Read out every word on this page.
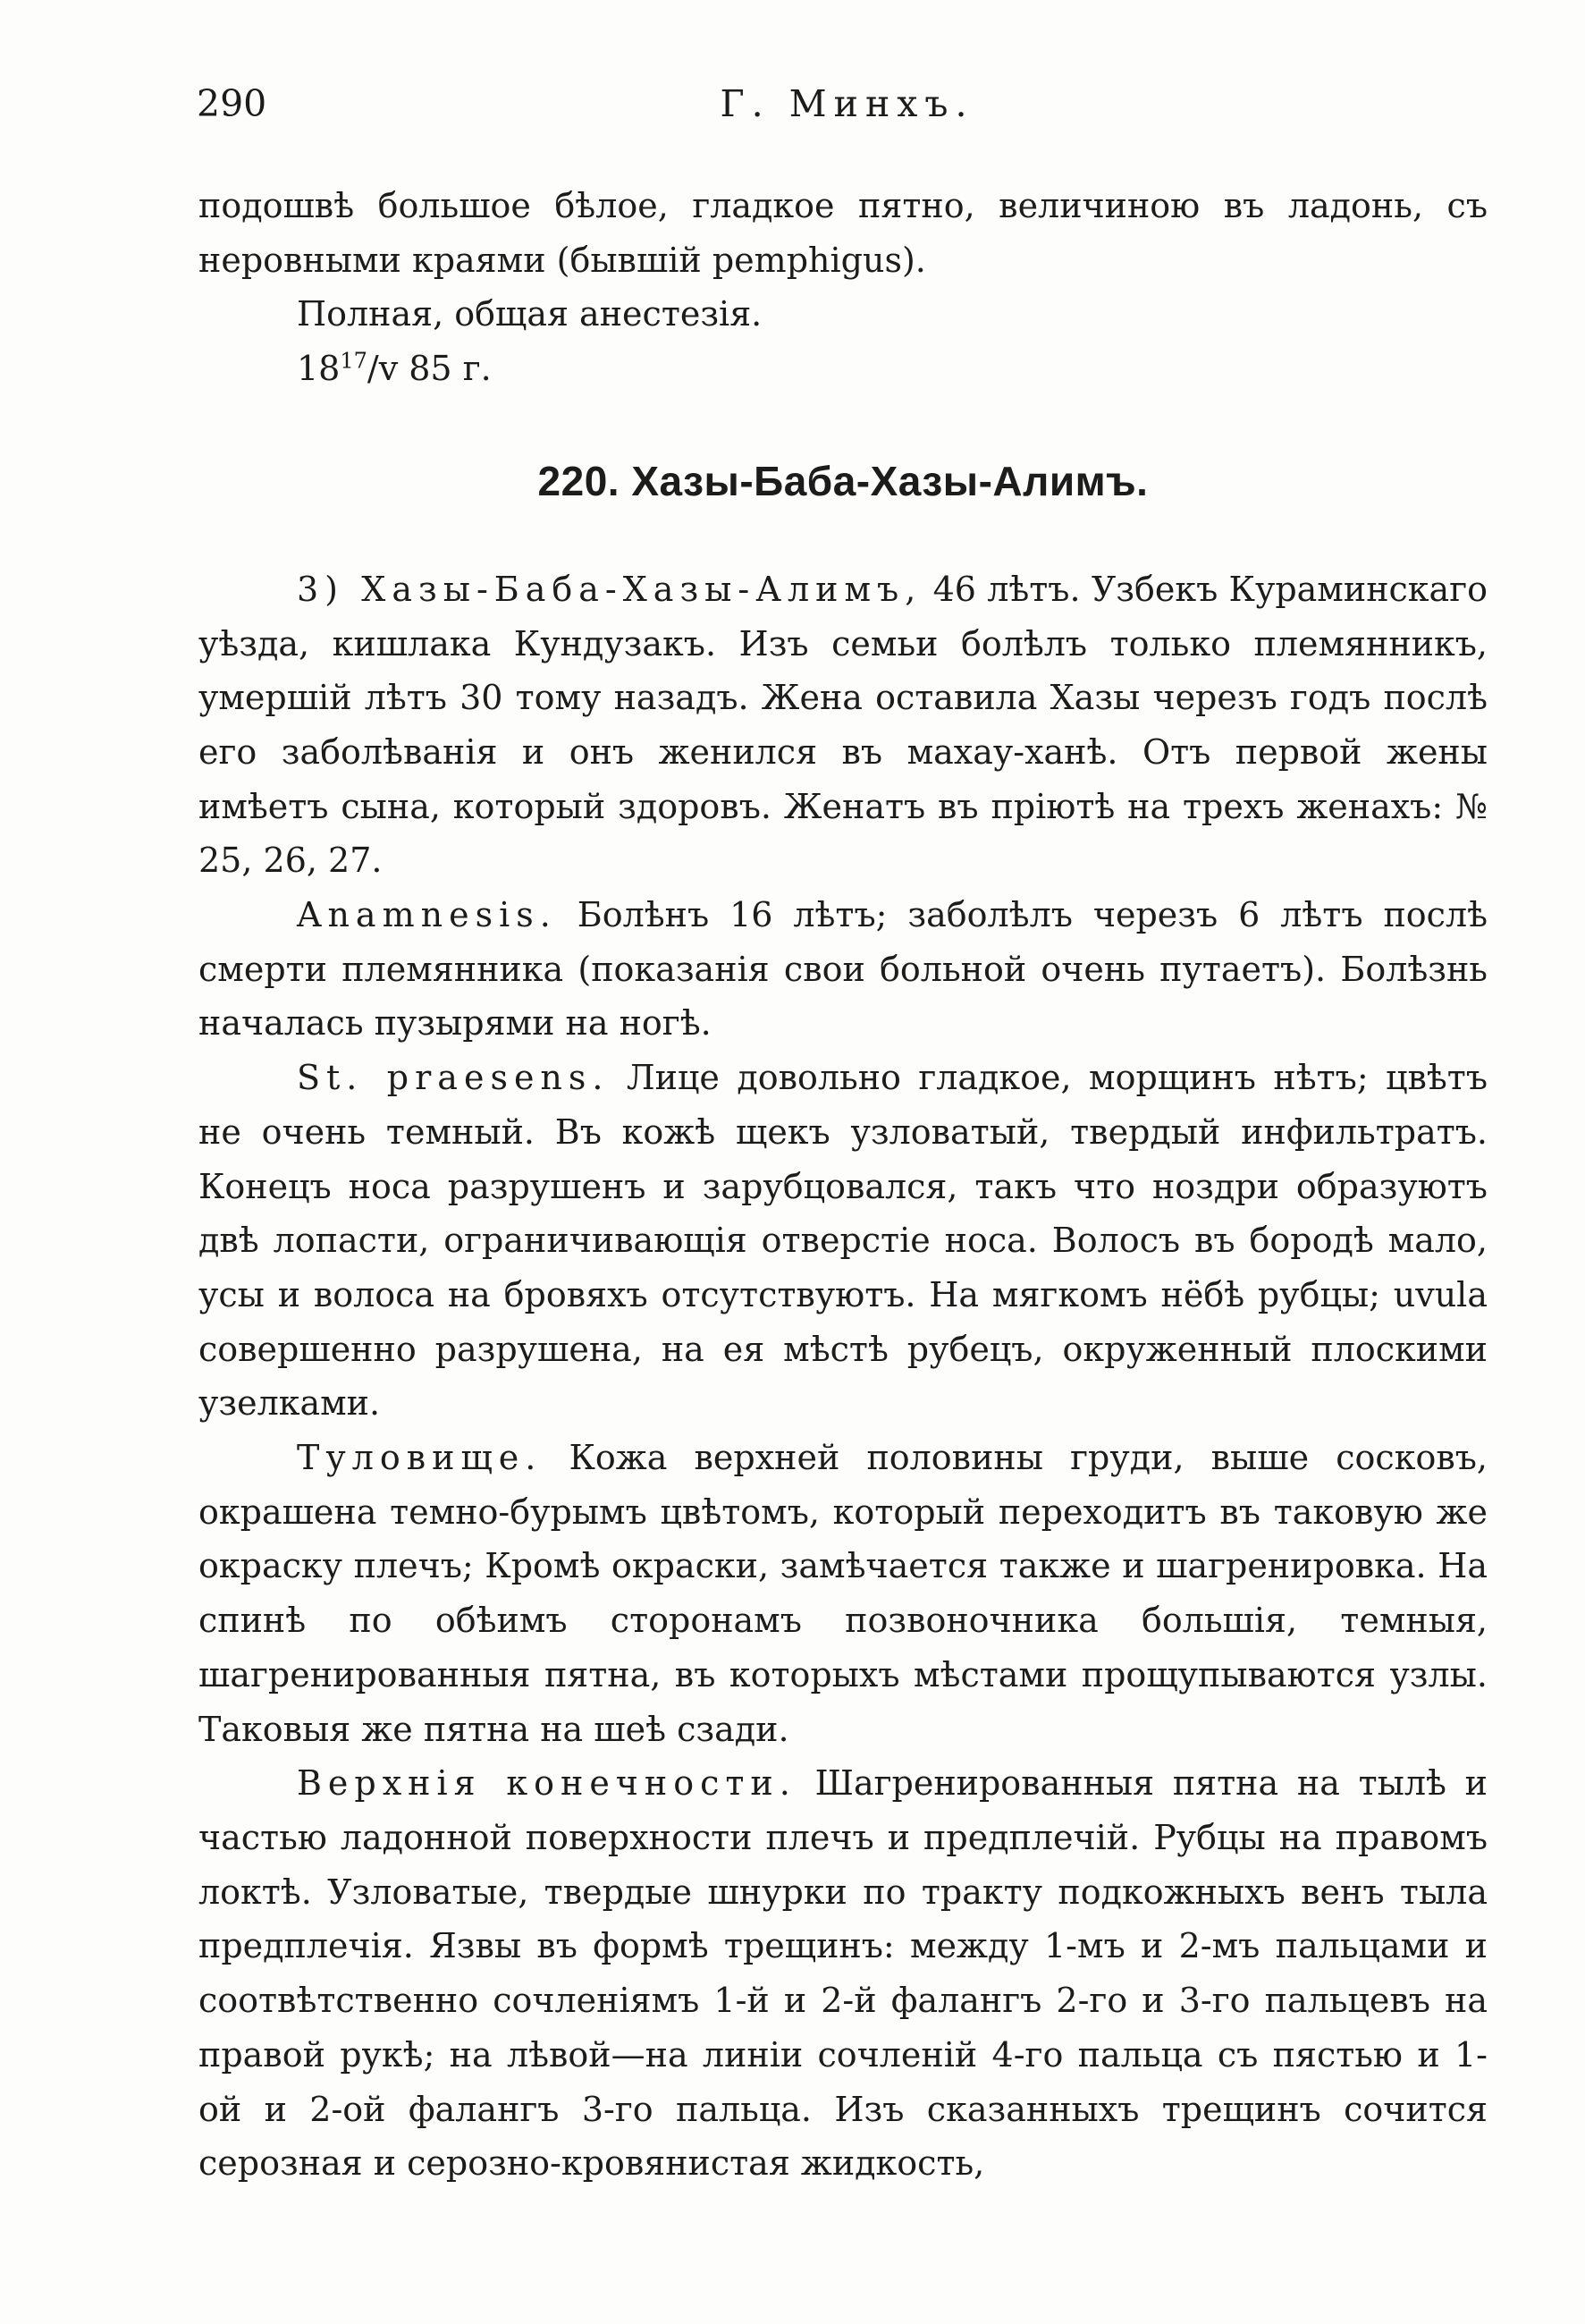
290	Г. Минхъ.

подошвѣ большое бѣлое, гладкое пятно, величиною въ ладонь, съ неровными краями (бывшій pemphigus).

Полная, общая анестезія.

$18^{17}/v$ 85 г.

220. Хазы-Баба-Хазы-Алимъ.

3) Хазы-Баба-Хазы-Алимъ, 46 лѣтъ. Узбекъ Кураминскаго уѣзда, кишлака Кундузакъ. Изъ семьи болѣлъ только племянникъ, умершій лѣтъ 30 тому назадъ. Жена оставила Хазы черезъ годъ послѣ его заболѣванія и онъ женился въ махау-ханѣ. Отъ первой жены имѣетъ сына, который здоровъ. Женатъ въ пріютѣ на трехъ женахъ: № 25, 26, 27.

Anamnesis. Болѣнъ 16 лѣтъ; заболѣлъ черезъ 6 лѣтъ послѣ смерти племянника (показанія свои больной очень путаетъ). Болѣзнь началась пузырями на ногѣ.

St. praesens. Лице довольно гладкое, морщинъ нѣтъ; цвѣтъ не очень темный. Въ кожѣ щекъ узловатый, твердый инфильтратъ. Конецъ носа разрушенъ и зарубцовался, такъ что ноздри образуютъ двѣ лопасти, ограничивающія отверстіе носа. Волосъ въ бородѣ мало, усы и волоса на бровяхъ отсутствуютъ. На мягкомъ нёбѣ рубцы; uvula совершенно разрушена, на ея мѣстѣ рубецъ, окруженный плоскими узелками.

Туловище. Кожа верхней половины груди, выше сосковъ, окрашена темно-бурымъ цвѣтомъ, который переходитъ въ таковую же окраску плечъ; Кромѣ окраски, замѣчается также и шагренировка. На спинѣ по обѣимъ сторонамъ позвоночника большія, темныя, шагренированныя пятна, въ которыхъ мѣстами прощупываются узлы. Таковыя же пятна на шеѣ сзади.

Верхнія конечности. Шагренированныя пятна на тылѣ и частью ладонной поверхности плечъ и предплечій. Рубцы на правомъ локтѣ. Узловатые, твердые шнурки по тракту подкожныхъ венъ тыла предплечія. Язвы въ формѣ трещинъ: между 1-мъ и 2-мъ пальцами и соотвѣтственно сочленіямъ 1-й и 2-й фалангъ 2-го и 3-го пальцевъ на правой рукѣ; на лѣвой—на линіи сочленій 4-го пальца съ пястью и 1-ой и 2-ой фалангъ 3-го пальца. Изъ сказанныхъ трещинъ сочится серозная и серозно-кровянистая жидкость,
